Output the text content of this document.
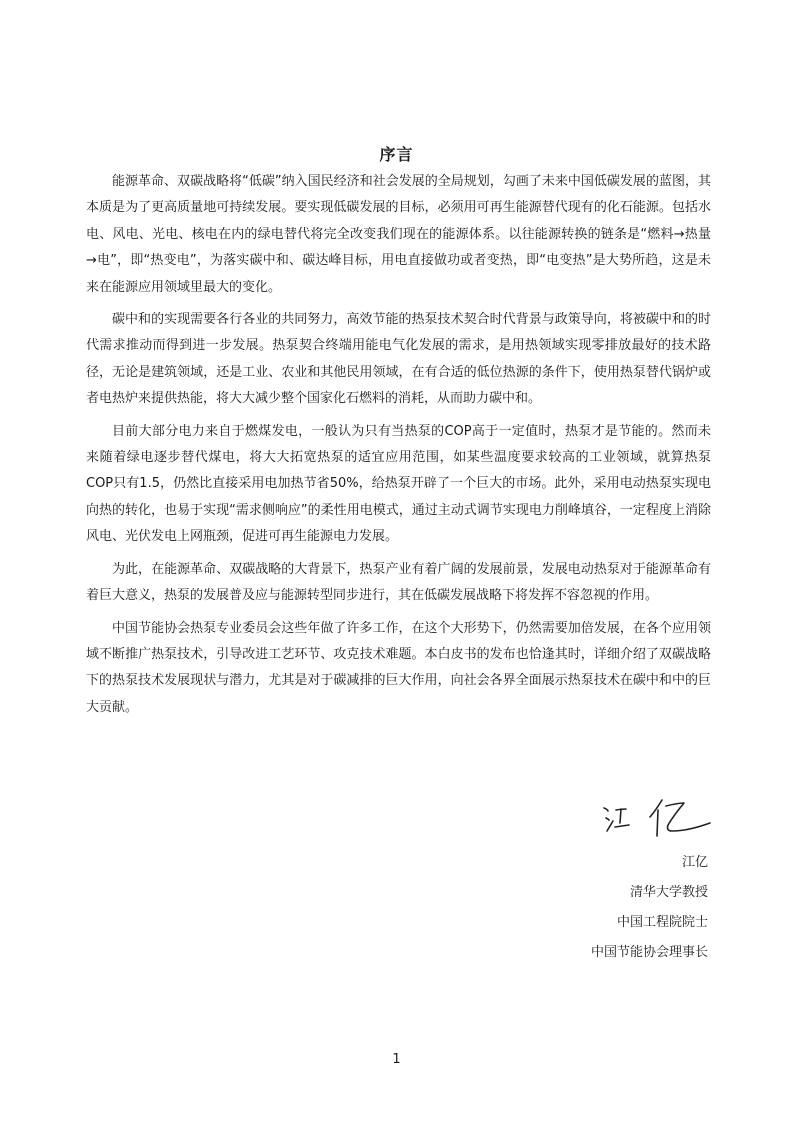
序言

能源革命、双碳战略将“低碳”纳入国民经济和社会发展的全局规划，勾画了未来中国低碳发展的蓝图，其本质是为了更高质量地可持续发展。要实现低碳发展的目标，必须用可再生能源替代现有的化石能源。包括水电、风电、光电、核电在内的绿电替代将完全改变我们现在的能源体系。以往能源转换的链条是“燃料→热量→电”，即“热变电”，为落实碳中和、碳达峰目标，用电直接做功或者变热，即“电变热”是大势所趋，这是未来在能源应用领域里最大的变化。

碳中和的实现需要各行各业的共同努力，高效节能的热泵技术契合时代背景与政策导向，将被碳中和的时代需求推动而得到进一步发展。热泵契合终端用能电气化发展的需求，是用热领域实现零排放最好的技术路径，无论是建筑领域，还是工业、农业和其他民用领域，在有合适的低位热源的条件下，使用热泵替代锅炉或者电热炉来提供热能，将大大减少整个国家化石燃料的消耗，从而助力碳中和。

目前大部分电力来自于燃煤发电，一般认为只有当热泵的COP高于一定值时，热泵才是节能的。然而未来随着绿电逐步替代煤电，将大大拓宽热泵的适宜应用范围，如某些温度要求较高的工业领域，就算热泵COP只有1.5，仍然比直接采用电加热节省50%，给热泵开辟了一个巨大的市场。此外，采用电动热泵实现电向热的转化，也易于实现“需求侧响应”的柔性用电模式，通过主动式调节实现电力削峰填谷，一定程度上消除风电、光伏发电上网瓶颈，促进可再生能源电力发展。

为此，在能源革命、双碳战略的大背景下，热泵产业有着广阔的发展前景，发展电动热泵对于能源革命有着巨大意义，热泵的发展普及应与能源转型同步进行，其在低碳发展战略下将发挥不容忽视的作用。

中国节能协会热泵专业委员会这些年做了许多工作，在这个大形势下，仍然需要加倍发展，在各个应用领域不断推广热泵技术，引导改进工艺环节、攻克技术难题。本白皮书的发布也恰逢其时，详细介绍了双碳战略下的热泵技术发展现状与潜力，尤其是对于碳减排的巨大作用，向社会各界全面展示热泵技术在碳中和中的巨大贡献。

江亿
清华大学教授
中国工程院院士
中国节能协会理事长
1
